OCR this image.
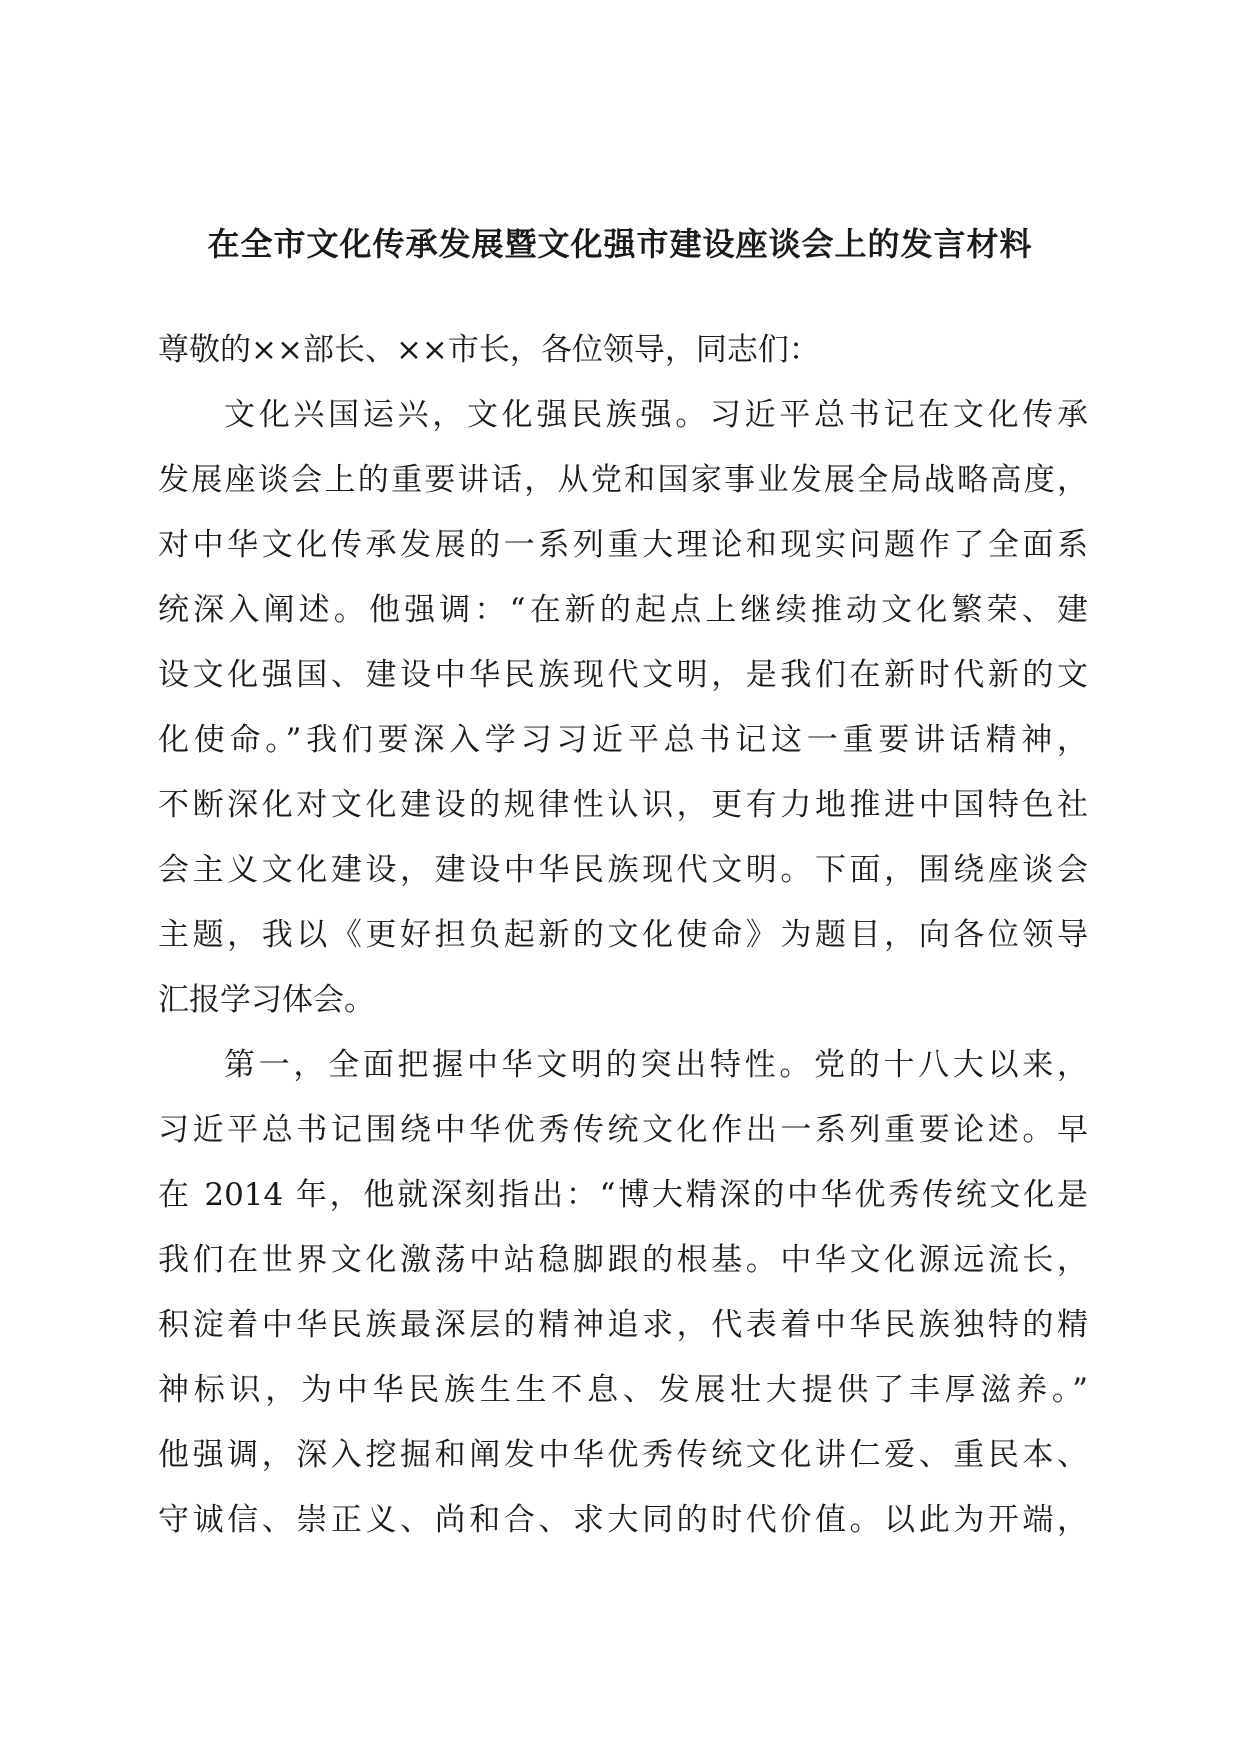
在全市文化传承发展暨文化强市建设座谈会上的发言材料
尊敬的××部长、××市长，各位领导，同志们：
文化兴国运兴，文化强民族强。习近平总书记在文化传承
发展座谈会上的重要讲话，从党和国家事业发展全局战略高度，
对中华文化传承发展的一系列重大理论和现实问题作了全面系
统深入阐述。他强调：“在新的起点上继续推动文化繁荣、建
设文化强国、建设中华民族现代文明，是我们在新时代新的文
化使命。”我们要深入学习习近平总书记这一重要讲话精神，
不断深化对文化建设的规律性认识，更有力地推进中国特色社
会主义文化建设，建设中华民族现代文明。下面，围绕座谈会
主题，我以《更好担负起新的文化使命》为题目，向各位领导
汇报学习体会。
第一，全面把握中华文明的突出特性。党的十八大以来，
习近平总书记围绕中华优秀传统文化作出一系列重要论述。早
在 2014 年，他就深刻指出：“博大精深的中华优秀传统文化是
我们在世界文化激荡中站稳脚跟的根基。中华文化源远流长，
积淀着中华民族最深层的精神追求，代表着中华民族独特的精
神标识，为中华民族生生不息、发展壮大提供了丰厚滋养。”
他强调，深入挖掘和阐发中华优秀传统文化讲仁爱、重民本、
守诚信、崇正义、尚和合、求大同的时代价值。以此为开端，
